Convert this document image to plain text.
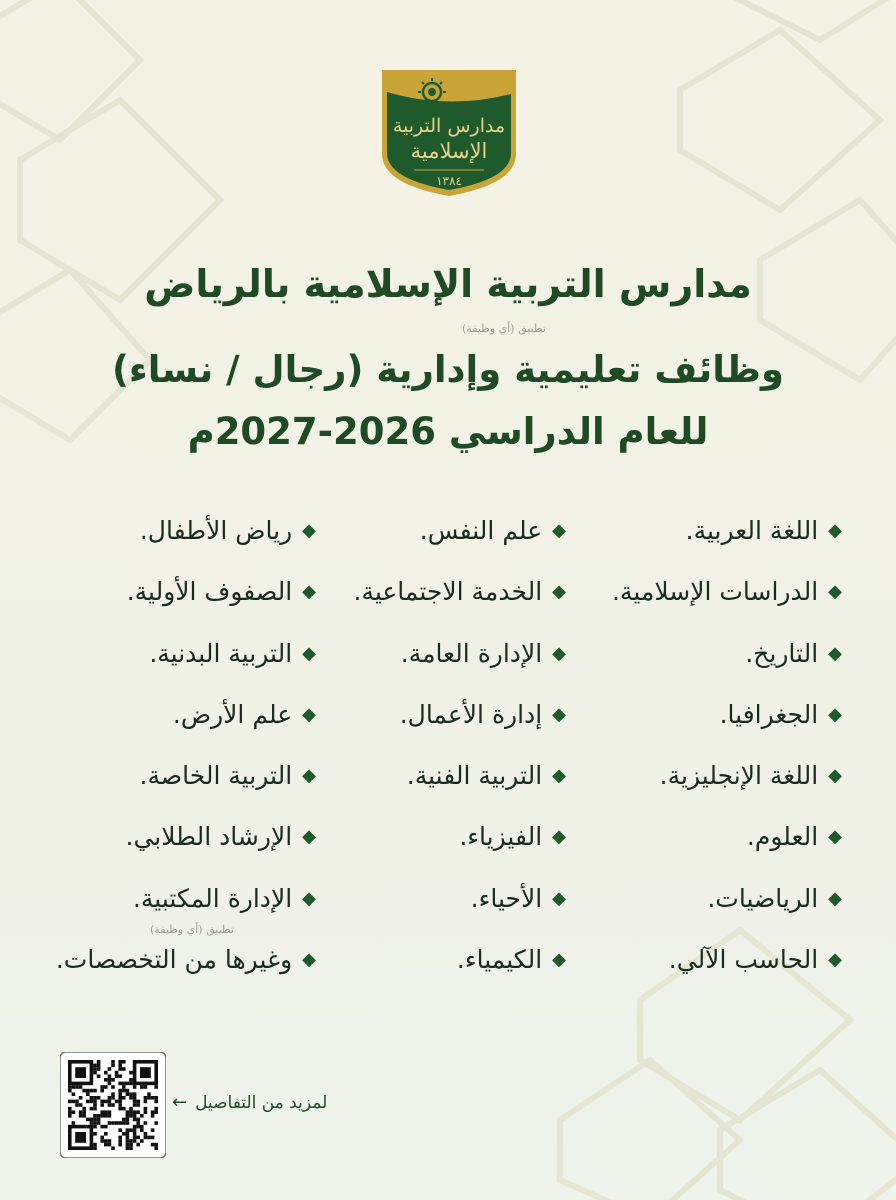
مدارس التربية
الإسلامية
١٣٨٤
مدارس التربية الإسلامية بالرياض
تطبيق (أي وظيفة)
وظائف تعليمية وإدارية (رجال / نساء)
للعام الدراسي 2026-2027م
◆
اللغة العربية.
◆
الدراسات الإسلامية.
◆
التاريخ.
◆
الجغرافيا.
◆
اللغة الإنجليزية.
◆
العلوم.
◆
الرياضيات.
◆
الحاسب الآلي.
◆
علم النفس.
◆
الخدمة الاجتماعية.
◆
الإدارة العامة.
◆
إدارة الأعمال.
◆
التربية الفنية.
◆
الفيزياء.
◆
الأحياء.
◆
الكيمياء.
◆
رياض الأطفال.
◆
الصفوف الأولية.
◆
التربية البدنية.
◆
علم الأرض.
◆
التربية الخاصة.
◆
الإرشاد الطلابي.
◆
الإدارة المكتبية.
◆
وغيرها من التخصصات.
تطبيق (أي وظيفة)
لمزيد من التفاصيل
←
